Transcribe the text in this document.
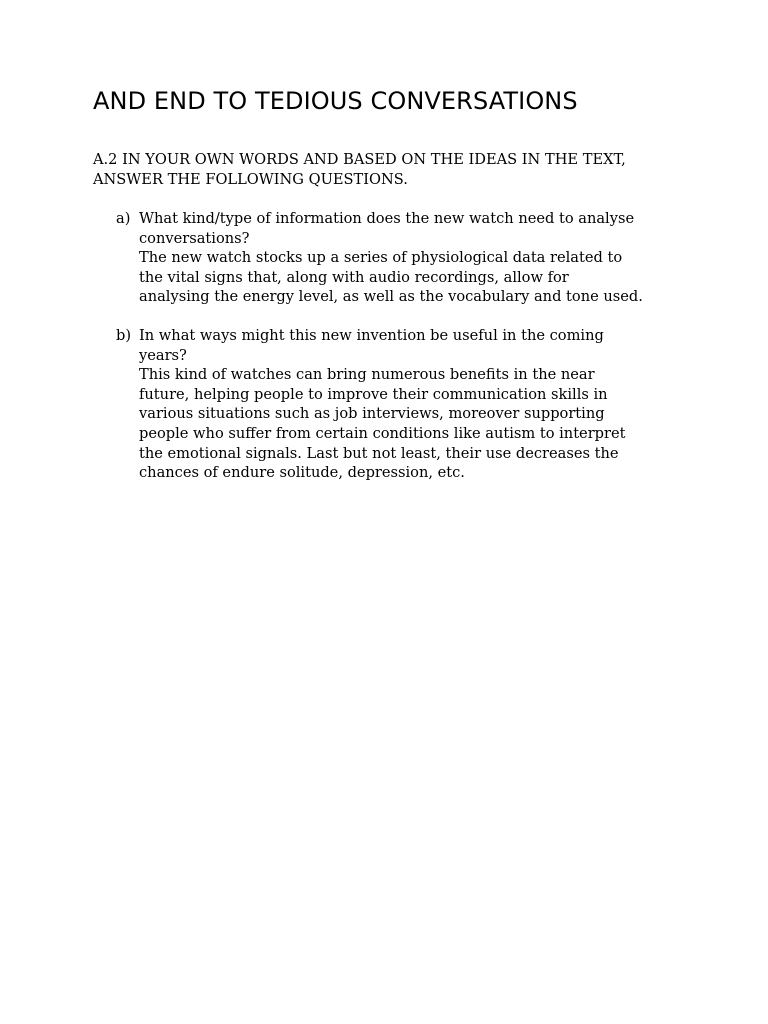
AND END TO TEDIOUS CONVERSATIONS
A.2 IN YOUR OWN WORDS AND BASED ON THE IDEAS IN THE TEXT,
ANSWER THE FOLLOWING QUESTIONS.
a) What kind/type of information does the new watch need to analyse
conversations?
The new watch stocks up a series of physiological data related to
the vital signs that, along with audio recordings, allow for
analysing the energy level, as well as the vocabulary and tone used.
b) In what ways might this new invention be useful in the coming
years?
This kind of watches can bring numerous benefits in the near
future, helping people to improve their communication skills in
various situations such as job interviews, moreover supporting
people who suffer from certain conditions like autism to interpret
the emotional signals. Last but not least, their use decreases the
chances of endure solitude, depression, etc.
